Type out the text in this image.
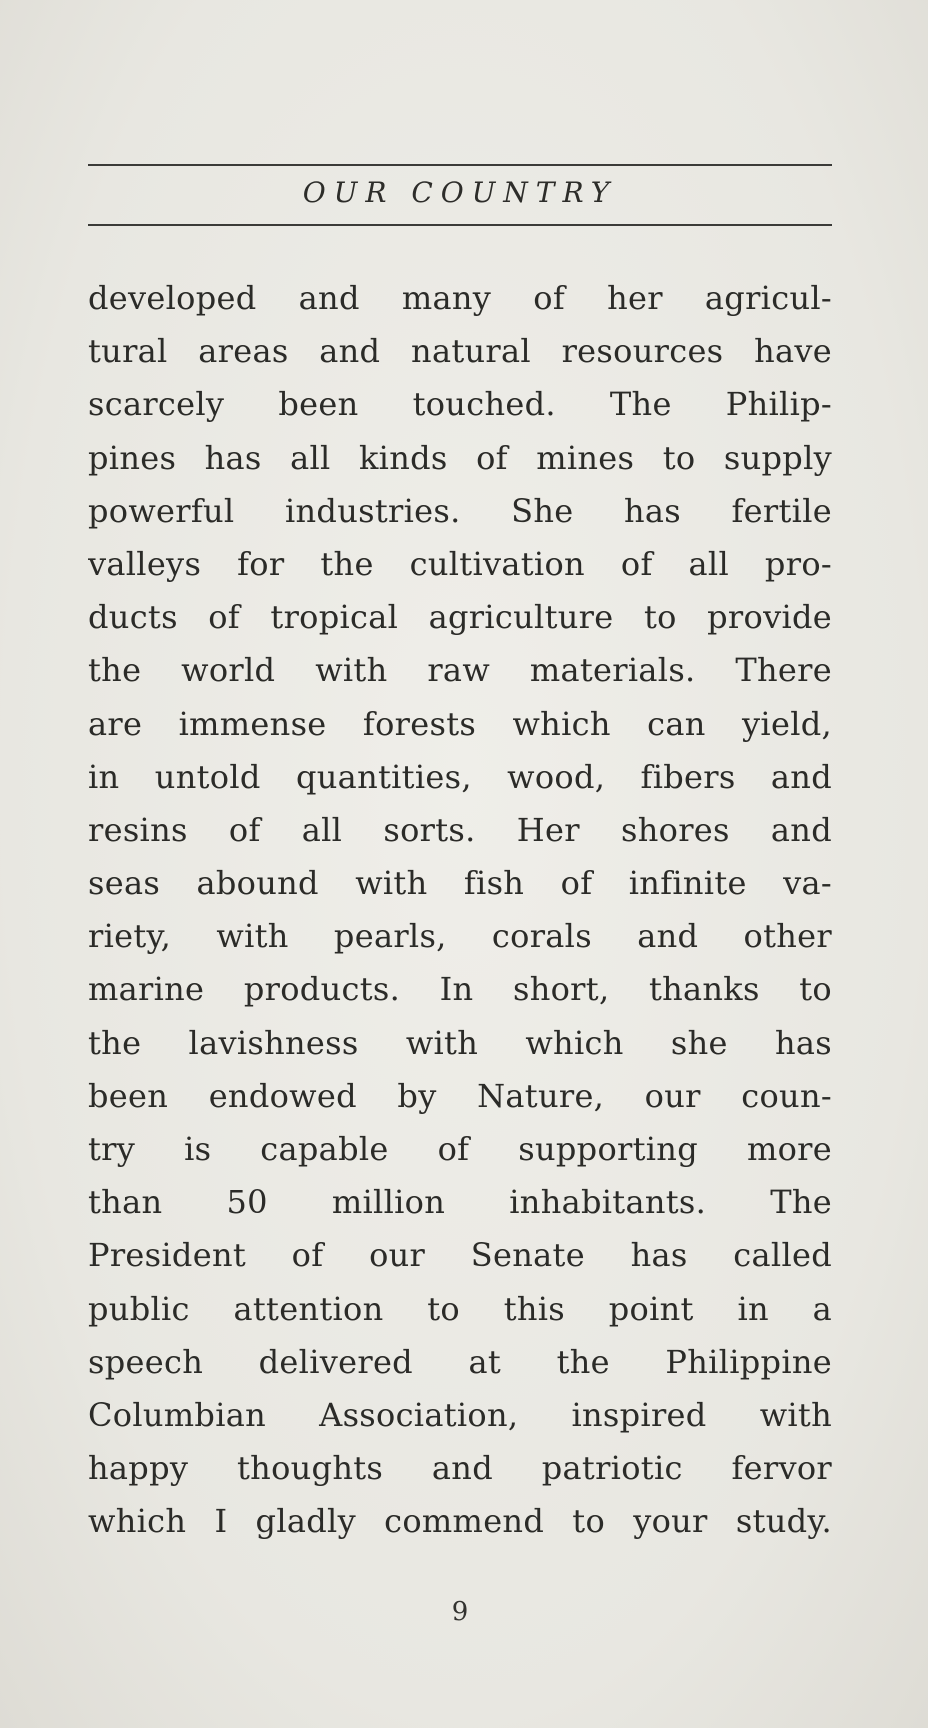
OUR COUNTRY
developed and many of her agricul-
tural areas and natural resources have
scarcely been touched. The Philip-
pines has all kinds of mines to supply
powerful industries. She has fertile
valleys for the cultivation of all pro-
ducts of tropical agriculture to provide
the world with raw materials. There
are immense forests which can yield,
in untold quantities, wood, fibers and
resins of all sorts. Her shores and
seas abound with fish of infinite va-
riety, with pearls, corals and other
marine products. In short, thanks to
the lavishness with which she has
been endowed by Nature, our coun-
try is capable of supporting more
than 50 million inhabitants. The
President of our Senate has called
public attention to this point in a
speech delivered at the Philippine
Columbian Association, inspired with
happy thoughts and patriotic fervor
which I gladly commend to your study.
9
